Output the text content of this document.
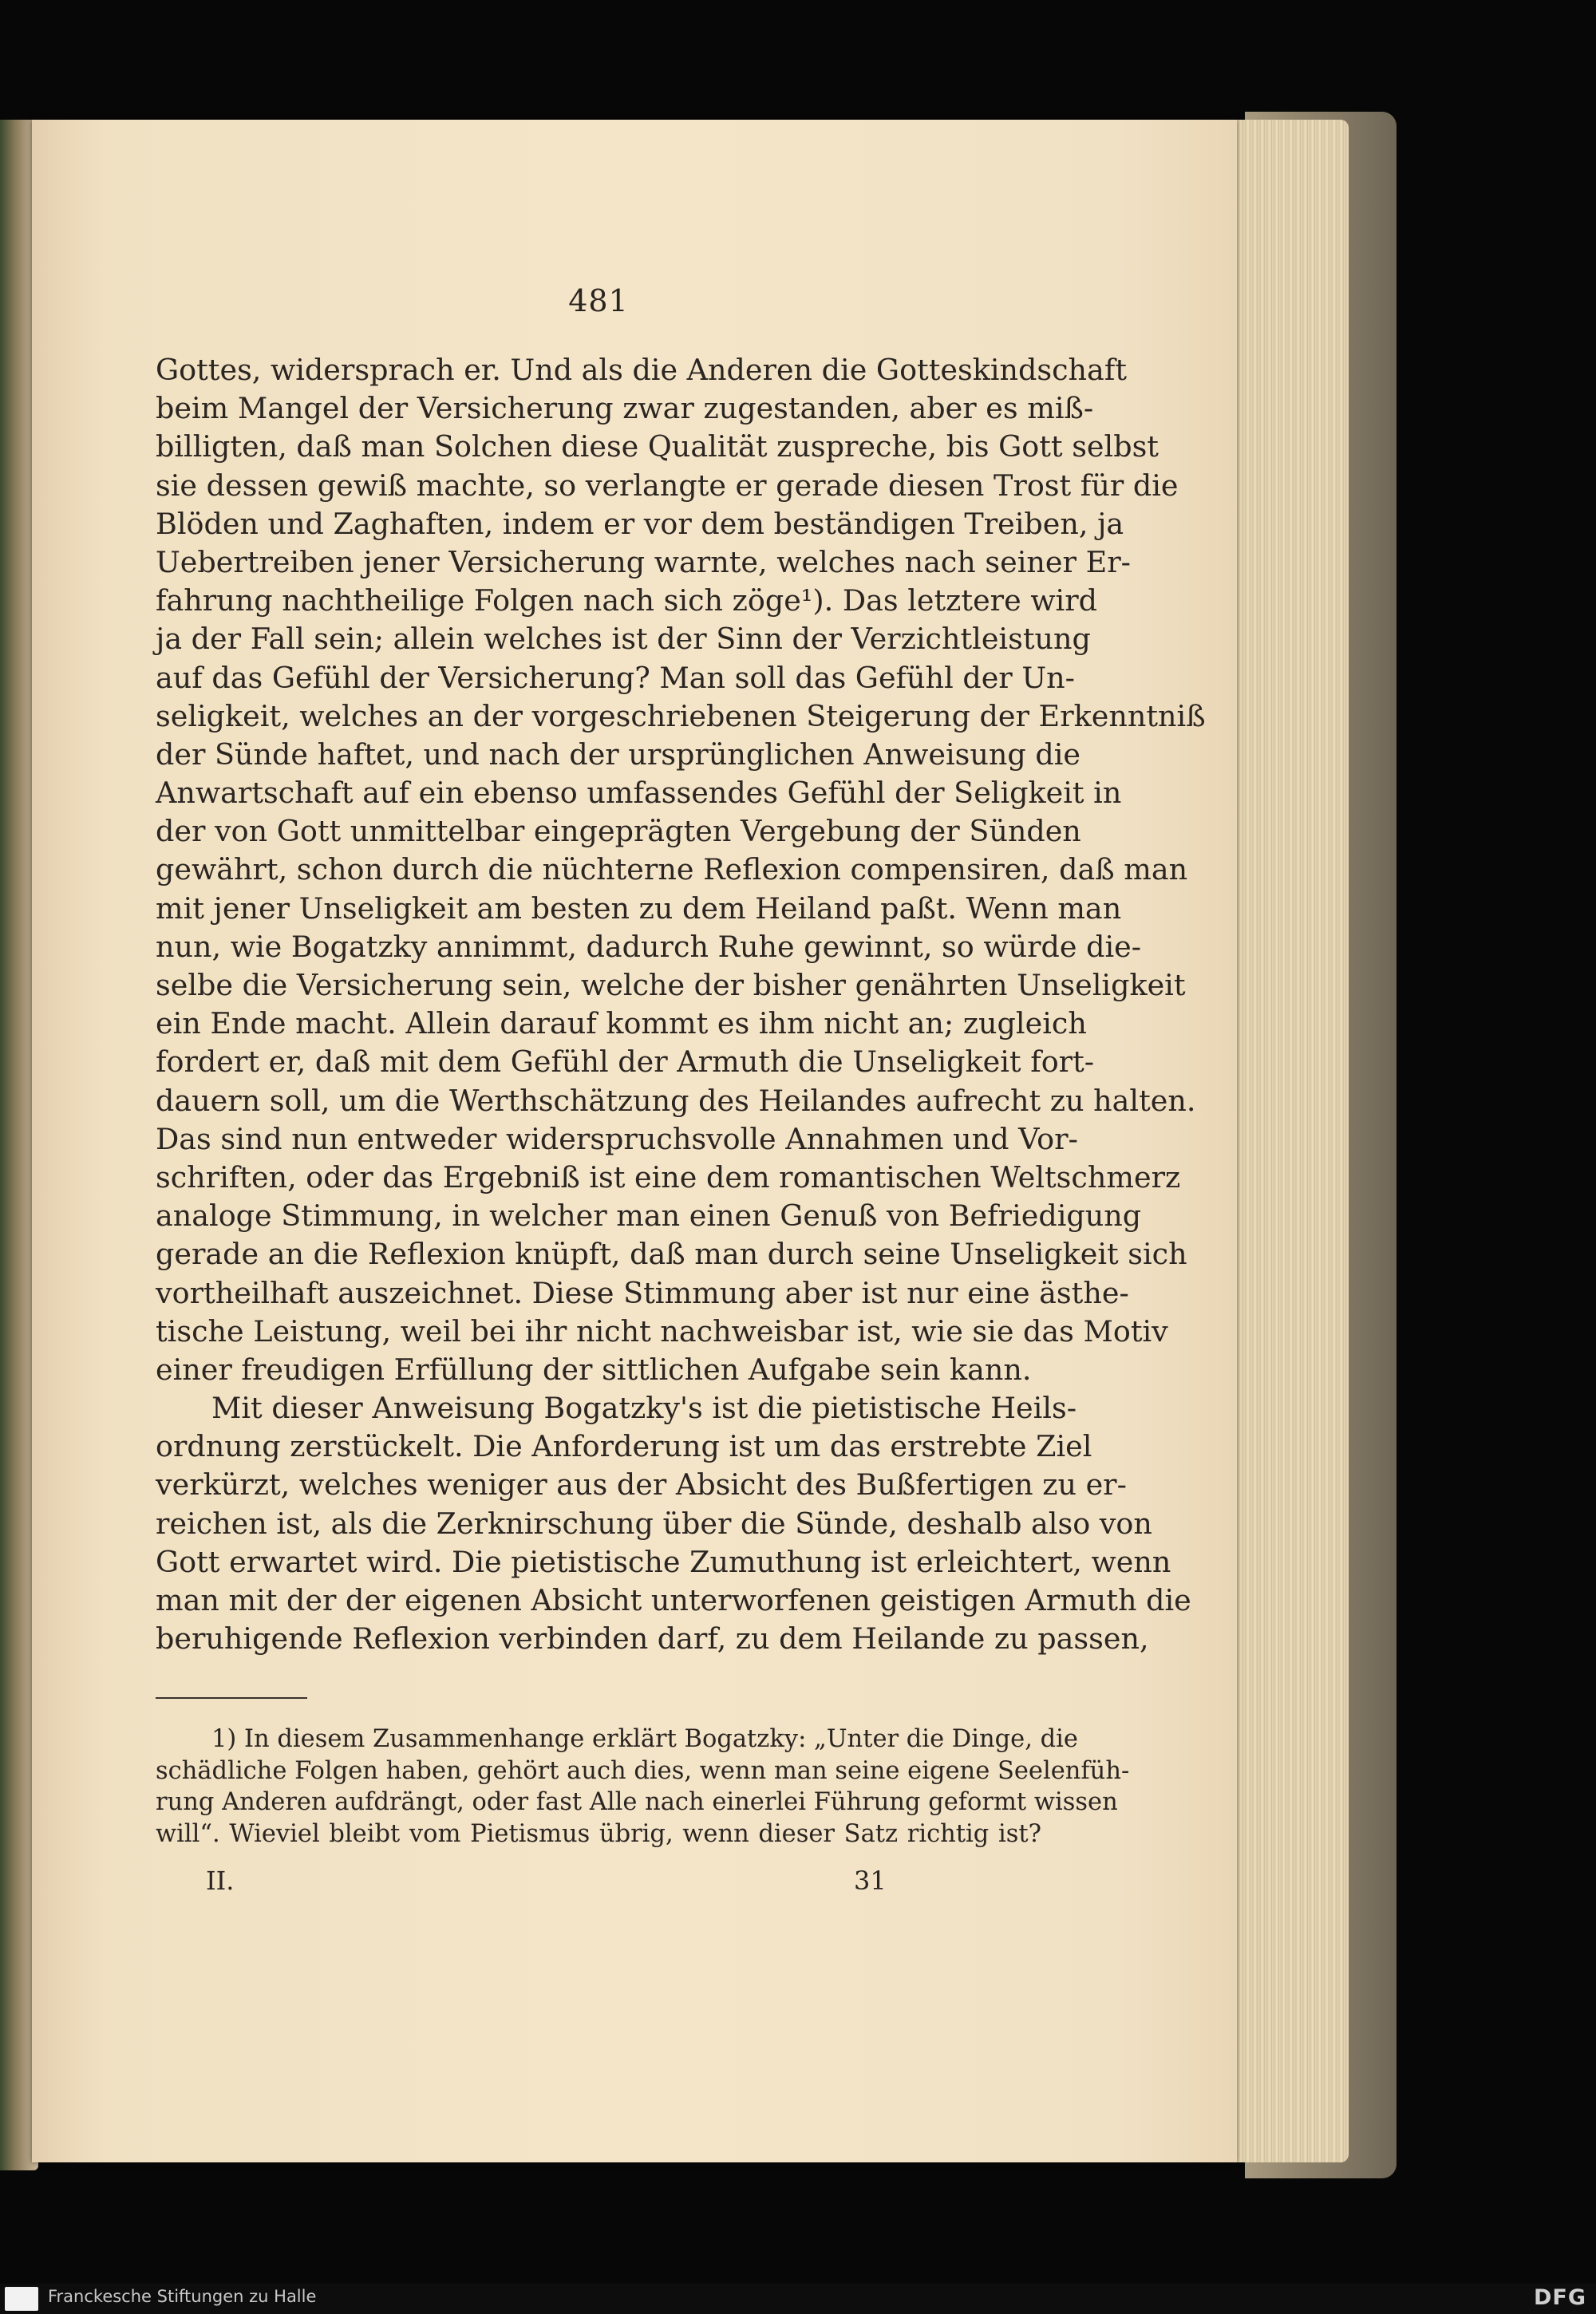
481
Gottes, widersprach er. Und als die Anderen die Gotteskindschaft
beim Mangel der Versicherung zwar zugestanden, aber es miß-
billigten, daß man Solchen diese Qualität zuspreche, bis Gott selbst
sie dessen gewiß machte, so verlangte er gerade diesen Trost für die
Blöden und Zaghaften, indem er vor dem beständigen Treiben, ja
Uebertreiben jener Versicherung warnte, welches nach seiner Er-
fahrung nachtheilige Folgen nach sich zöge¹). Das letztere wird
ja der Fall sein; allein welches ist der Sinn der Verzichtleistung
auf das Gefühl der Versicherung? Man soll das Gefühl der Un-
seligkeit, welches an der vorgeschriebenen Steigerung der Erkenntniß
der Sünde haftet, und nach der ursprünglichen Anweisung die
Anwartschaft auf ein ebenso umfassendes Gefühl der Seligkeit in
der von Gott unmittelbar eingeprägten Vergebung der Sünden
gewährt, schon durch die nüchterne Reflexion compensiren, daß man
mit jener Unseligkeit am besten zu dem Heiland paßt. Wenn man
nun, wie Bogatzky annimmt, dadurch Ruhe gewinnt, so würde die-
selbe die Versicherung sein, welche der bisher genährten Unseligkeit
ein Ende macht. Allein darauf kommt es ihm nicht an; zugleich
fordert er, daß mit dem Gefühl der Armuth die Unseligkeit fort-
dauern soll, um die Werthschätzung des Heilandes aufrecht zu halten.
Das sind nun entweder widerspruchsvolle Annahmen und Vor-
schriften, oder das Ergebniß ist eine dem romantischen Weltschmerz
analoge Stimmung, in welcher man einen Genuß von Befriedigung
gerade an die Reflexion knüpft, daß man durch seine Unseligkeit sich
vortheilhaft auszeichnet. Diese Stimmung aber ist nur eine ästhe-
tische Leistung, weil bei ihr nicht nachweisbar ist, wie sie das Motiv
einer freudigen Erfüllung der sittlichen Aufgabe sein kann.
Mit dieser Anweisung Bogatzky's ist die pietistische Heils-
ordnung zerstückelt. Die Anforderung ist um das erstrebte Ziel
verkürzt, welches weniger aus der Absicht des Bußfertigen zu er-
reichen ist, als die Zerknirschung über die Sünde, deshalb also von
Gott erwartet wird. Die pietistische Zumuthung ist erleichtert, wenn
man mit der der eigenen Absicht unterworfenen geistigen Armuth die
beruhigende Reflexion verbinden darf, zu dem Heilande zu passen,
1) In diesem Zusammenhange erklärt Bogatzky: „Unter die Dinge, die
schädliche Folgen haben, gehört auch dies, wenn man seine eigene Seelenfüh-
rung Anderen aufdrängt, oder fast Alle nach einerlei Führung geformt wissen
will“. Wieviel bleibt vom Pietismus übrig, wenn dieser Satz richtig ist?
II.	31
Franckesche Stiftungen zu Halle	DFG
